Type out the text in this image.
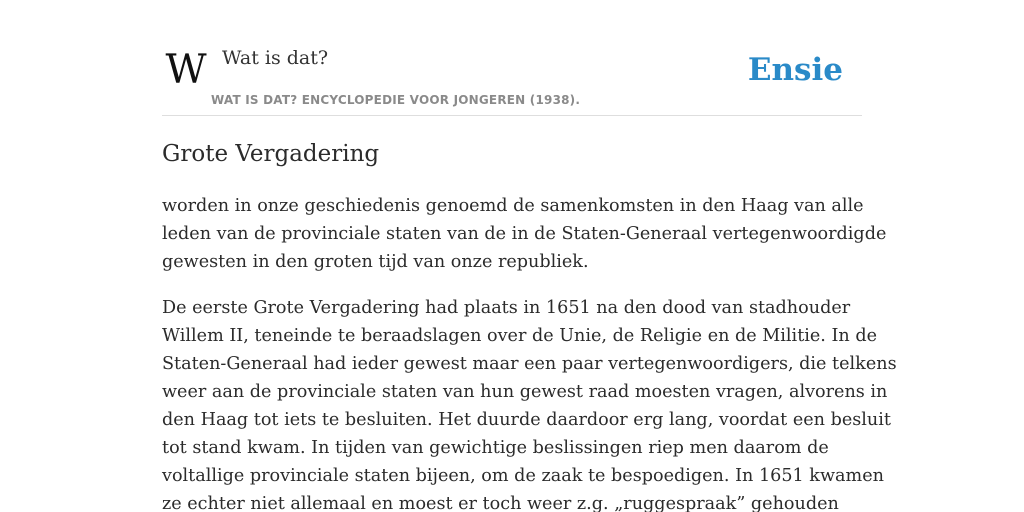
W Wat is dat?
WAT IS DAT? ENCYCLOPEDIE VOOR JONGEREN (1938).
Ensie
Grote Vergadering

worden in onze geschiedenis genoemd de samenkomsten in den Haag van alle
leden van de provinciale staten van de in de Staten-Generaal vertegenwoordigde
gewesten in den groten tijd van onze republiek.

De eerste Grote Vergadering had plaats in 1651 na den dood van stadhouder
Willem II, teneinde te beraadslagen over de Unie, de Religie en de Militie. In de
Staten-Generaal had ieder gewest maar een paar vertegenwoordigers, die telkens
weer aan de provinciale staten van hun gewest raad moesten vragen, alvorens in
den Haag tot iets te besluiten. Het duurde daardoor erg lang, voordat een besluit
tot stand kwam. In tijden van gewichtige beslissingen riep men daarom de
voltallige provinciale staten bijeen, om de zaak te bespoedigen. In 1651 kwamen
ze echter niet allemaal en moest er toch weer z.g. „ruggespraak” gehouden
